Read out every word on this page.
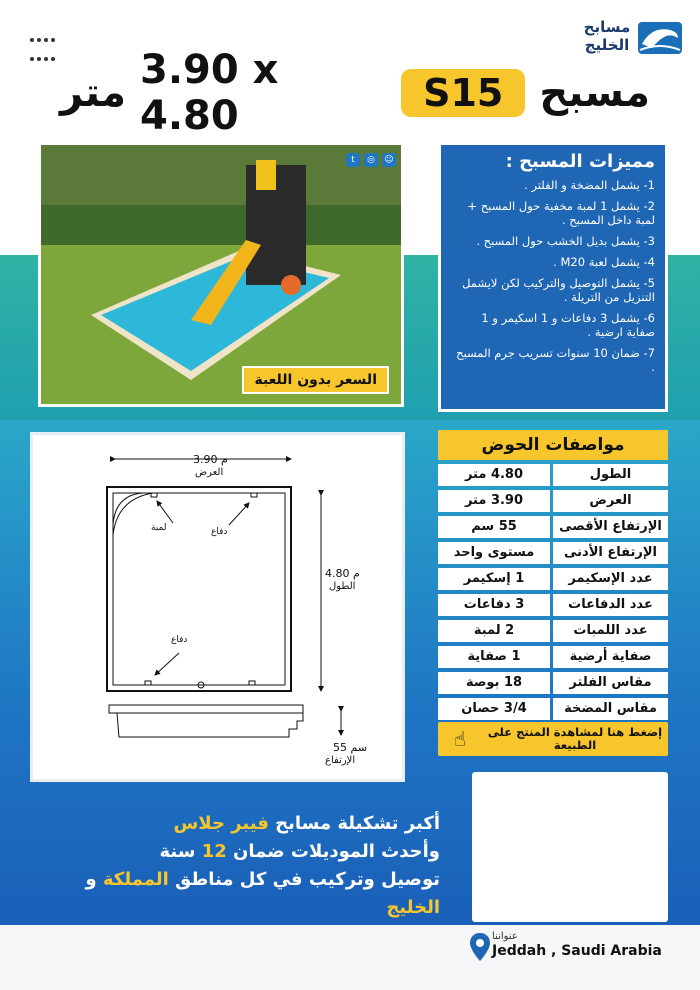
مسابح الخليج
مسبح
S15
3.90 x 4.80
متر
t	◎	☺
السعر بدون اللعبة
مميزات المسبح :
1- يشمل المضخة و الفلتر .
2- يشمل 1 لمبة مخفية حول المسبح + لمبة داخل المسبح .
3- يشمل بديل الخشب حول المسبح .
4- يشمل لعبة M20 .
5- يشمل التوصيل والتركيب لكن لايشمل التنزيل من التريلة .
6- يشمل 3 دفاعات و 1 اسكيمر و 1 صفاية ارضية .
7- ضمان 10 سنوات تسريب جرم المسبح .
3.90 م
العرض
لمبة	دفاع
دفاع
4.80 م
الطول
55 سم
الإرتفاع
مواصفات الحوض
الطول
4.80 متر
العرض
3.90 متر
الإرتفاع الأقصى
55 سم
الإرتفاع الأدنى
مستوى واحد
عدد الإسكيمر
1 إسكيمر
عدد الدفاعات
3 دفاعات
عدد اللمبات
2 لمبة
صفاية أرضية
1 صفاية
مقاس الفلتر
18 بوصة
مقاس المضخة
3/4 حصان
إضغط هنا لمشاهدة المنتج على الطبيعة
☝
أكبر تشكيلة مسابح فيبر جلاس
وأحدث الموديلات ضمان 12 سنة
توصيل وتركيب في كل مناطق المملكة و الخليج
عنواننا
Jeddah , Saudi Arabia
